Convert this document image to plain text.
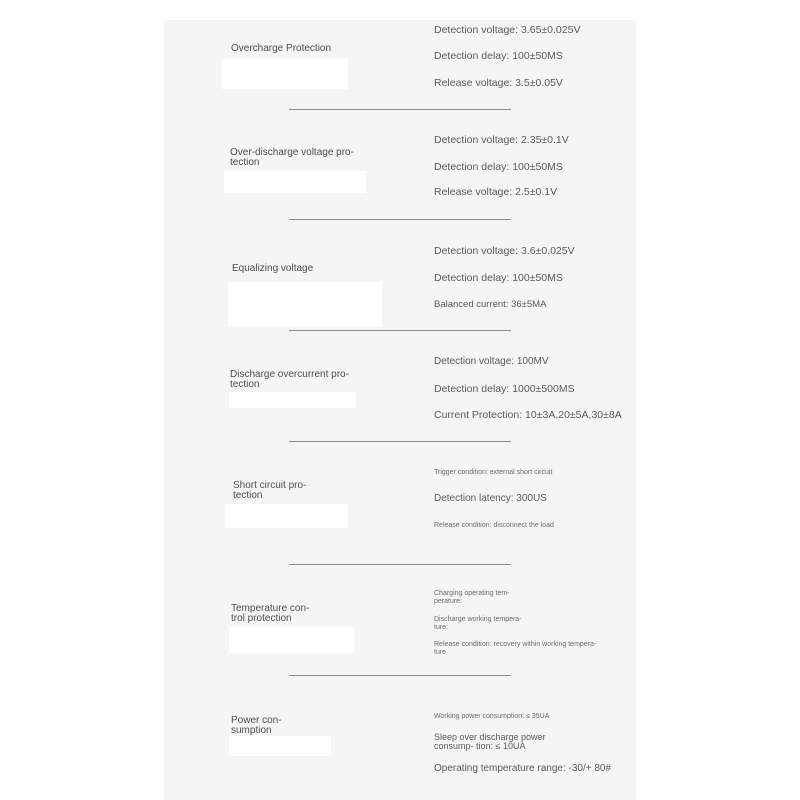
Overcharge Protection
Detection voltage: 3.65±0.025V
Detection delay: 100±50MS
Release voltage: 3.5±0.05V
Over-discharge voltage pro- tection
Detection voltage: 2.35±0.1V
Detection delay: 100±50MS
Release voltage: 2.5±0.1V
Equalizing voltage
Detection voltage: 3.6±0.025V
Detection delay: 100±50MS
Balanced current: 36±5MA
Discharge overcurrent pro- tection
Detection voltage: 100MV
Detection delay: 1000±500MS
Current Protection: 10±3A,20±5A,30±8A
Short circuit pro- tection
Trigger condition: external short circuit
Detection latency: 300US
Release condition: disconnect the load
Temperature con- trol protection
Charging operating tem- perature:
Discharge working tempera- ture:
Release condition: recovery within working tempera- ture
Power con- sumption
Working power consumption: ≤ 35UA
Sleep over discharge power consump- tion: ≤ 10UA
Operating temperature range: -30/+ 80#
